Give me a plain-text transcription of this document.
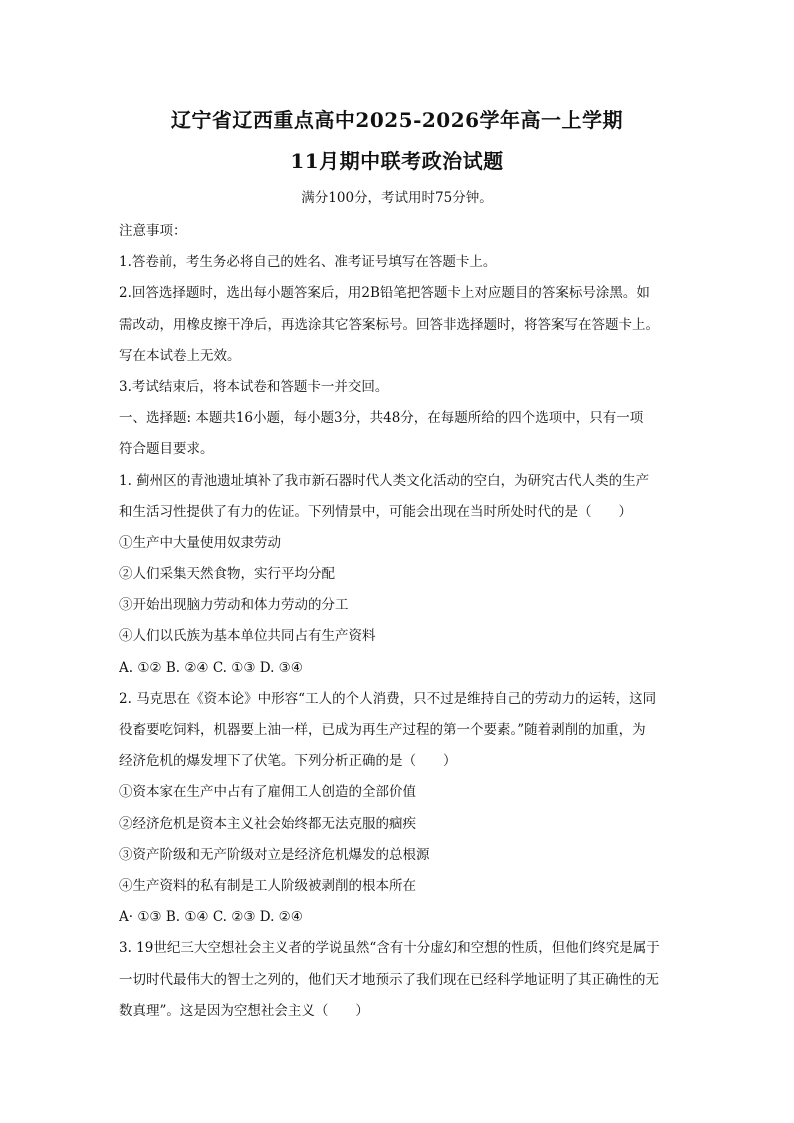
辽宁省辽西重点高中2025-2026学年高一上学期
11月期中联考政治试题
满分100分，考试用时75分钟。
注意事项：
1.答卷前，考生务必将自己的姓名、准考证号填写在答题卡上。
2.回答选择题时，选出每小题答案后，用2B铅笔把答题卡上对应题目的答案标号涂黑。如
需改动，用橡皮擦干净后，再选涂其它答案标号。回答非选择题时，将答案写在答题卡上。
写在本试卷上无效。
3.考试结束后，将本试卷和答题卡一并交回。
一、选择题: 本题共16小题，每小题3分，共48分，在每题所给的四个选项中，只有一项
符合题目要求。
1. 蓟州区的青池遗址填补了我市新石器时代人类文化活动的空白，为研究古代人类的生产
和生活习性提供了有力的佐证。下列情景中，可能会出现在当时所处时代的是（　　）
①生产中大量使用奴隶劳动
②人们采集天然食物，实行平均分配
③开始出现脑力劳动和体力劳动的分工
④人们以氏族为基本单位共同占有生产资料
A. ①② B. ②④ C. ①③ D. ③④
2. 马克思在《资本论》中形容“工人的个人消费，只不过是维持自己的劳动力的运转，这同
役畜要吃饲料，机器要上油一样，已成为再生产过程的第一个要素。”随着剥削的加重，为
经济危机的爆发埋下了伏笔。下列分析正确的是（　　）
①资本家在生产中占有了雇佣工人创造的全部价值
②经济危机是资本主义社会始终都无法克服的痼疾
③资产阶级和无产阶级对立是经济危机爆发的总根源
④生产资料的私有制是工人阶级被剥削的根本所在
A· ①③ B. ①④ C. ②③ D. ②④
3. 19世纪三大空想社会主义者的学说虽然“含有十分虚幻和空想的性质，但他们终究是属于
一切时代最伟大的智士之列的，他们天才地预示了我们现在已经科学地证明了其正确性的无
数真理”。这是因为空想社会主义（　　）
